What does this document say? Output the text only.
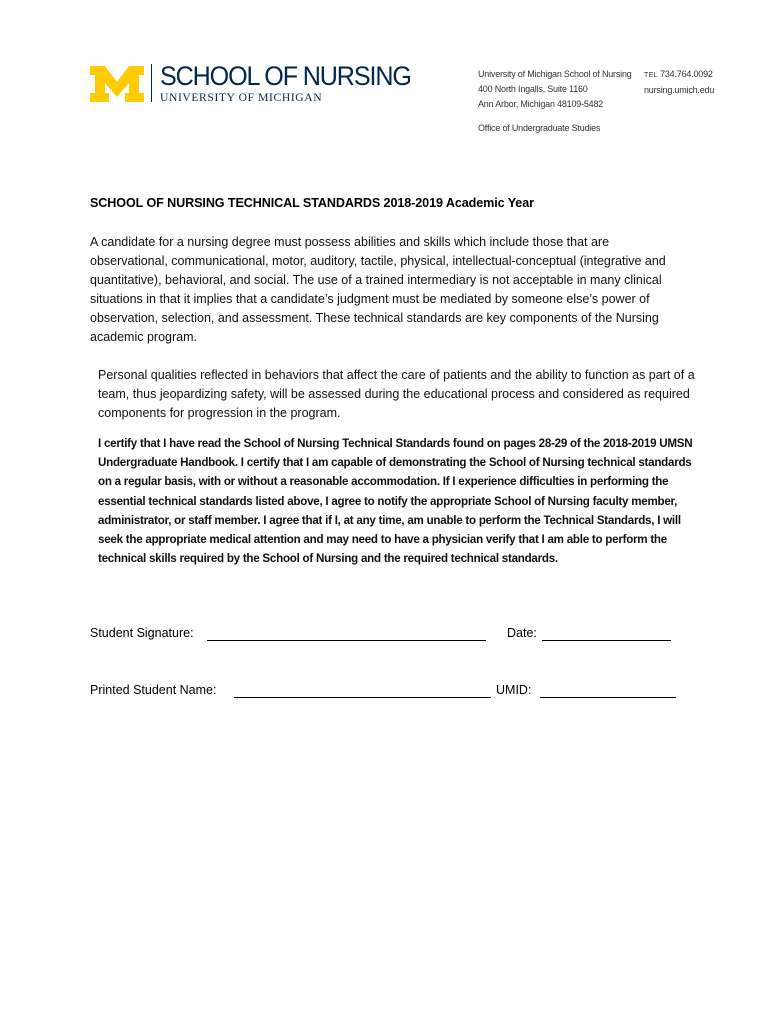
SCHOOL OF NURSING
UNIVERSITY OF MICHIGAN
University of Michigan School of Nursing
400 North Ingalls, Suite 1160
Ann Arbor, Michigan 48109-5482
TEL 734.764.0092
nursing.umich.edu
Office of Undergraduate Studies
SCHOOL OF NURSING TECHNICAL STANDARDS 2018-2019 Academic Year

A candidate for a nursing degree must possess abilities and skills which include those that are observational, communicational, motor, auditory, tactile, physical, intellectual-conceptual (integrative and quantitative), behavioral, and social. The use of a trained intermediary is not acceptable in many clinical situations in that it implies that a candidate’s judgment must be mediated by someone else’s power of observation, selection, and assessment. These technical standards are key components of the Nursing academic program.

Personal qualities reflected in behaviors that affect the care of patients and the ability to function as part of a team, thus jeopardizing safety, will be assessed during the educational process and considered as required components for progression in the program.

I certify that I have read the School of Nursing Technical Standards found on pages 28-29 of the 2018-2019 UMSN Undergraduate Handbook. I certify that I am capable of demonstrating the School of Nursing technical standards on a regular basis, with or without a reasonable accommodation. If I experience difficulties in performing the essential technical standards listed above, I agree to notify the appropriate School of Nursing faculty member, administrator, or staff member. I agree that if I, at any time, am unable to perform the Technical Standards, I will seek the appropriate medical attention and may need to have a physician verify that I am able to perform the technical skills required by the School of Nursing and the required technical standards.

Student Signature:	Date:
Printed Student Name:	UMID:
